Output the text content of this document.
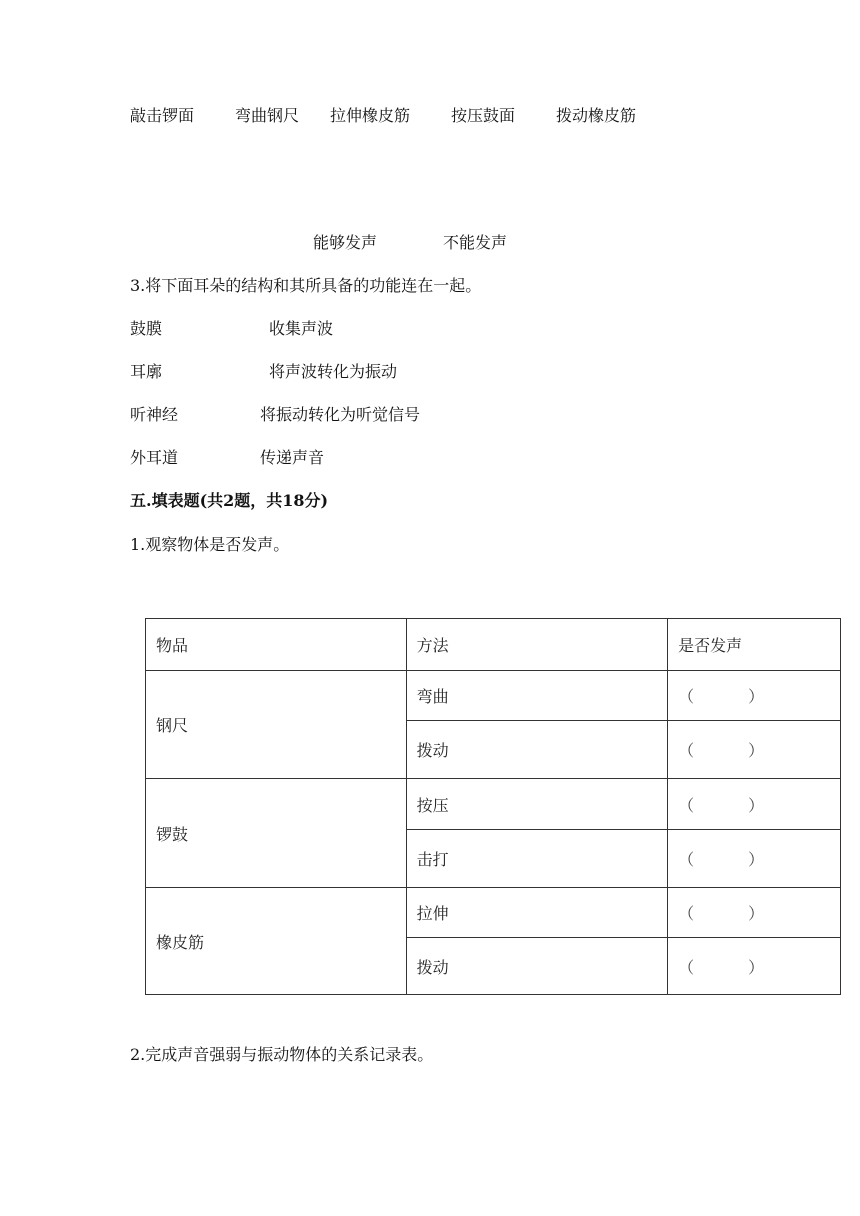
敲击锣面	弯曲钢尺 拉伸橡皮筋	按压鼓面	拨动橡皮筋
能够发声	不能发声
3.将下面耳朵的结构和其所具备的功能连在一起。
鼓膜	收集声波
耳廓	将声波转化为振动
听神经	将振动转化为听觉信号
外耳道	传递声音
五.填表题(共2题，共18分)
1.观察物体是否发声。
物品	方法	是否发声
钢尺	弯曲	（ ）
	拨动	（ ）
锣鼓	按压	（ ）
	击打	（ ）
橡皮筋	拉伸	（ ）
	拨动	（ ）
2.完成声音强弱与振动物体的关系记录表。
